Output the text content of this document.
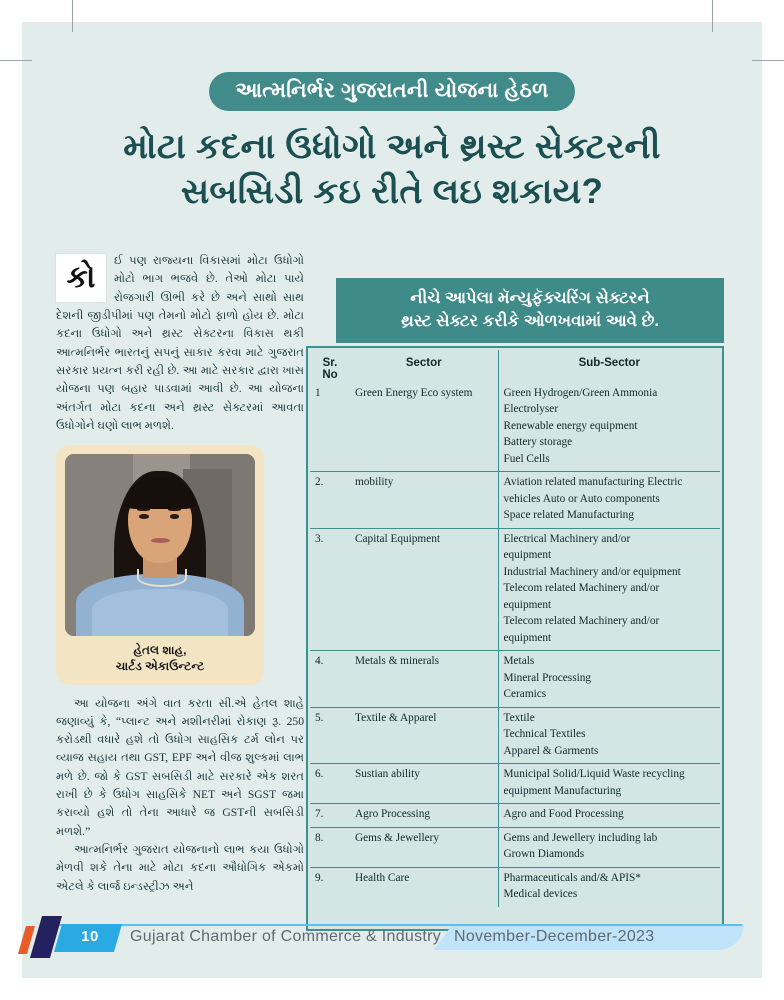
આત્મનિર્ભર ગુજરાતની યોજના હેઠળ
મોટા કદના ઉધોગો અને થ્રસ્ટ સેક્ટરની
સબસિડી કઇ રીતે લઇ શકાય?

કો
ઈ પણ રાજ્યના વિકાસમાં મોટા ઉધોગો મોટો ભાગ ભજવે છે. તેઓ મોટા પાયે રોજગારી ઊભી કરે છે અને સાથો સાથ દેશની જીડીપીમાં પણ તેમનો મોટો ફાળો હોય છે. મોટા કદના ઉધોગો અને થ્રસ્ટ સેક્ટરના વિકાસ થકી આત્મનિર્ભર ભારતનું સપનું સાકાર કરવા માટે ગુજરાત સરકાર પ્રયત્ન કરી રહી છે. આ માટે સરકાર દ્વારા ખાસ યોજના પણ બહાર પાડવામાં આવી છે. આ યોજના અંતર્ગત મોટા કદના અને થ્રસ્ટ સેક્ટરમાં આવતા ઉધોગોને ઘણો લાભ મળશે.

હેતલ શાહ,
ચાર્ટડ એકાઉન્ટન્ટ

આ યોજના અંગે વાત કરતા સી.એ હેતલ શાહે જણાવ્યું કે, “પ્લાન્ટ અને મશીનરીમાં રોકાણ રૂ. 250 કરોડથી વધારે હશે તો ઉધોગ સાહસિક ટર્મ લોન પર વ્યાજ સહાય તથા GST, EPF અને વીજ શુલ્કમાં લાભ મળે છે. જો કે GST સબસિડી માટે સરકારે એક શરત રાખી છે કે ઉધોગ સાહસિકે NET અને SGST જમા કરાવ્યો હશે તો તેના આધારે જ GSTની સબસિડી મળશે.”

આત્મનિર્ભર ગુજરાત યોજનાનો લાભ કયા ઉધોગો મેળવી શકે તેના માટે મોટા કદના ઔધોગિક એકમો એટલે કે લાર્જ ઇન્ડસ્ટ્રીઝ અને

નીચે આપેલા મૅન્યુફૅક્ચરિંગ સેક્ટરને
થ્રસ્ટ સેક્ટર કરીકે ઓળખવામાં આવે છે.
Sr. No	Sector	Sub-Sector
1	Green Energy Eco system	Green Hydrogen/Green Ammonia
Electrolyser
Renewable energy equipment
Battery storage
Fuel Cells

2.	mobility	Aviation related manufacturing Electric
vehicles Auto or Auto components
Space related Manufacturing

3.	Capital Equipment	Electrical Machinery and/or
equipment
Industrial Machinery and/or equipment
Telecom related Machinery and/or
equipment
Telecom related Machinery and/or
equipment

4.	Metals & minerals	Metals
Mineral Processing
Ceramics

5.	Textile & Apparel	Textile
Technical Textiles
Apparel & Garments

6.	Sustian ability	Municipal Solid/Liquid Waste recycling
equipment Manufacturing

7.	Agro Processing	Agro and Food Processing

8.	Gems & Jewellery	Gems and Jewellery including lab
Grown Diamonds

9.	Health Care	Pharmaceuticals and/& APIS*
Medical devices
10	Gujarat Chamber of Commerce & Industry November-December-2023
